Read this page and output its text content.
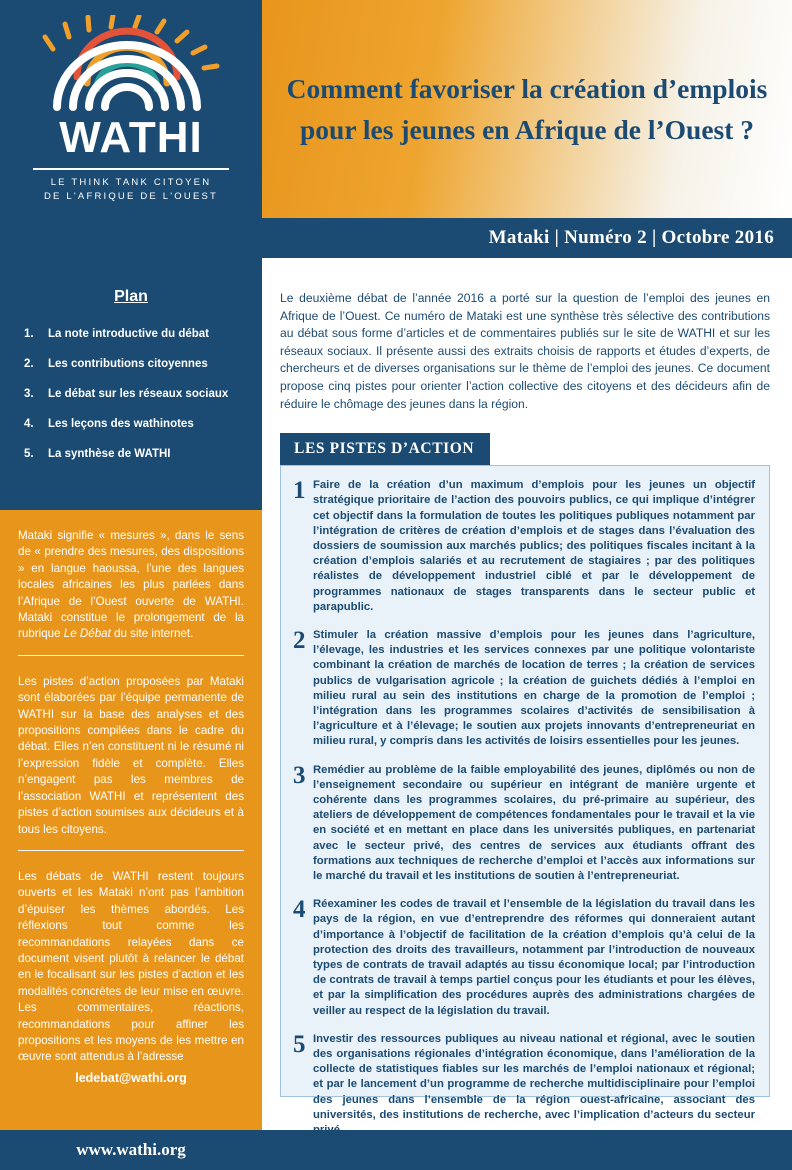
WATHI
LE THINK TANK CITOYEN
DE L'AFRIQUE DE L'OUEST
Comment favoriser la création d’emplois pour les jeunes en Afrique de l’Ouest ?
Mataki | Numéro 2 | Octobre 2016
Plan
1.	La note introductive du débat
2.	Les contributions citoyennes
3.	Le débat sur les réseaux sociaux
4.	Les leçons des wathinotes
5.	La synthèse de WATHI

Mataki signifie « mesures », dans le sens de « prendre des mesures, des dispositions » en langue haoussa, l’une des langues locales africaines les plus parlées dans l’Afrique de l’Ouest ouverte de WATHI. Mataki constitue le prolongement de la rubrique Le Débat du site internet.

Les pistes d’action proposées par Mataki sont élaborées par l’équipe permanente de WATHI sur la base des analyses et des propositions compilées dans le cadre du débat. Elles n’en constituent ni le résumé ni l’expression fidèle et complète. Elles n’engagent pas les membres de l’association WATHI et représentent des pistes d’action soumises aux décideurs et à tous les citoyens.

Les débats de WATHI restent toujours ouverts et les Mataki n’ont pas l’ambition d’épuiser les thèmes abordés. Les réflexions tout comme les recommandations relayées dans ce document visent plutôt à relancer le débat en le focalisant sur les pistes d’action et les modalités concrètes de leur mise en œuvre. Les commentaires, réactions, recommandations pour affiner les propositions et les moyens de les mettre en œuvre sont attendus à l’adresse

ledebat@wathi.org

Le deuxième débat de l’année 2016 a porté sur la question de l’emploi des jeunes en Afrique de l’Ouest. Ce numéro de Mataki est une synthèse très sélective des contributions au débat sous forme d’articles et de commentaires publiés sur le site de WATHI et sur les réseaux sociaux. Il présente aussi des extraits choisis de rapports et études d’experts, de chercheurs et de diverses organisations sur le thème de l’emploi des jeunes. Ce document propose cinq pistes pour orienter l’action collective des citoyens et des décideurs afin de réduire le chômage des jeunes dans la région.

LES PISTES D’ACTION
1 Faire de la création d’un maximum d’emplois pour les jeunes un objectif stratégique prioritaire de l’action des pouvoirs publics, ce qui implique d’intégrer cet objectif dans la formulation de toutes les politiques publiques notamment par l’intégration de critères de création d’emplois et de stages dans l’évaluation des dossiers de soumission aux marchés publics; des politiques fiscales incitant à la création d’emplois salariés et au recrutement de stagiaires ; par des politiques réalistes de développement industriel ciblé et par le développement de programmes nationaux de stages transparents dans le secteur public et parapublic.
2 Stimuler la création massive d’emplois pour les jeunes dans l’agriculture, l’élevage, les industries et les services connexes par une politique volontariste combinant la création de marchés de location de terres ; la création de services publics de vulgarisation agricole ; la création de guichets dédiés à l’emploi en milieu rural au sein des institutions en charge de la promotion de l’emploi ; l’intégration dans les programmes scolaires d’activités de sensibilisation à l’agriculture et à l’élevage; le soutien aux projets innovants d’entrepreneuriat en milieu rural, y compris dans les activités de loisirs essentielles pour les jeunes.
3 Remédier au problème de la faible employabilité des jeunes, diplômés ou non de l’enseignement secondaire ou supérieur en intégrant de manière urgente et cohérente dans les programmes scolaires, du pré-primaire au supérieur, des ateliers de développement de compétences fondamentales pour le travail et la vie en société et en mettant en place dans les universités publiques, en partenariat avec le secteur privé, des centres de services aux étudiants offrant des formations aux techniques de recherche d’emploi et l’accès aux informations sur le marché du travail et les institutions de soutien à l’entrepreneuriat.
4 Réexaminer les codes de travail et l’ensemble de la législation du travail dans les pays de la région, en vue d’entreprendre des réformes qui donneraient autant d’importance à l’objectif de facilitation de la création d’emplois qu’à celui de la protection des droits des travailleurs, notamment par l’introduction de nouveaux types de contrats de travail adaptés au tissu économique local; par l’introduction de contrats de travail à temps partiel conçus pour les étudiants et pour les élèves, et par la simplification des procédures auprès des administrations chargées de veiller au respect de la législation du travail.
5 Investir des ressources publiques au niveau national et régional, avec le soutien des organisations régionales d’intégration économique, dans l’amélioration de la collecte de statistiques fiables sur les marchés de l’emploi nationaux et régional; et par le lancement d’un programme de recherche multidisciplinaire pour l’emploi des jeunes dans l’ensemble de la région ouest-africaine, associant des universités, des institutions de recherche, avec l’implication d’acteurs du secteur privé.
www.wathi.org
